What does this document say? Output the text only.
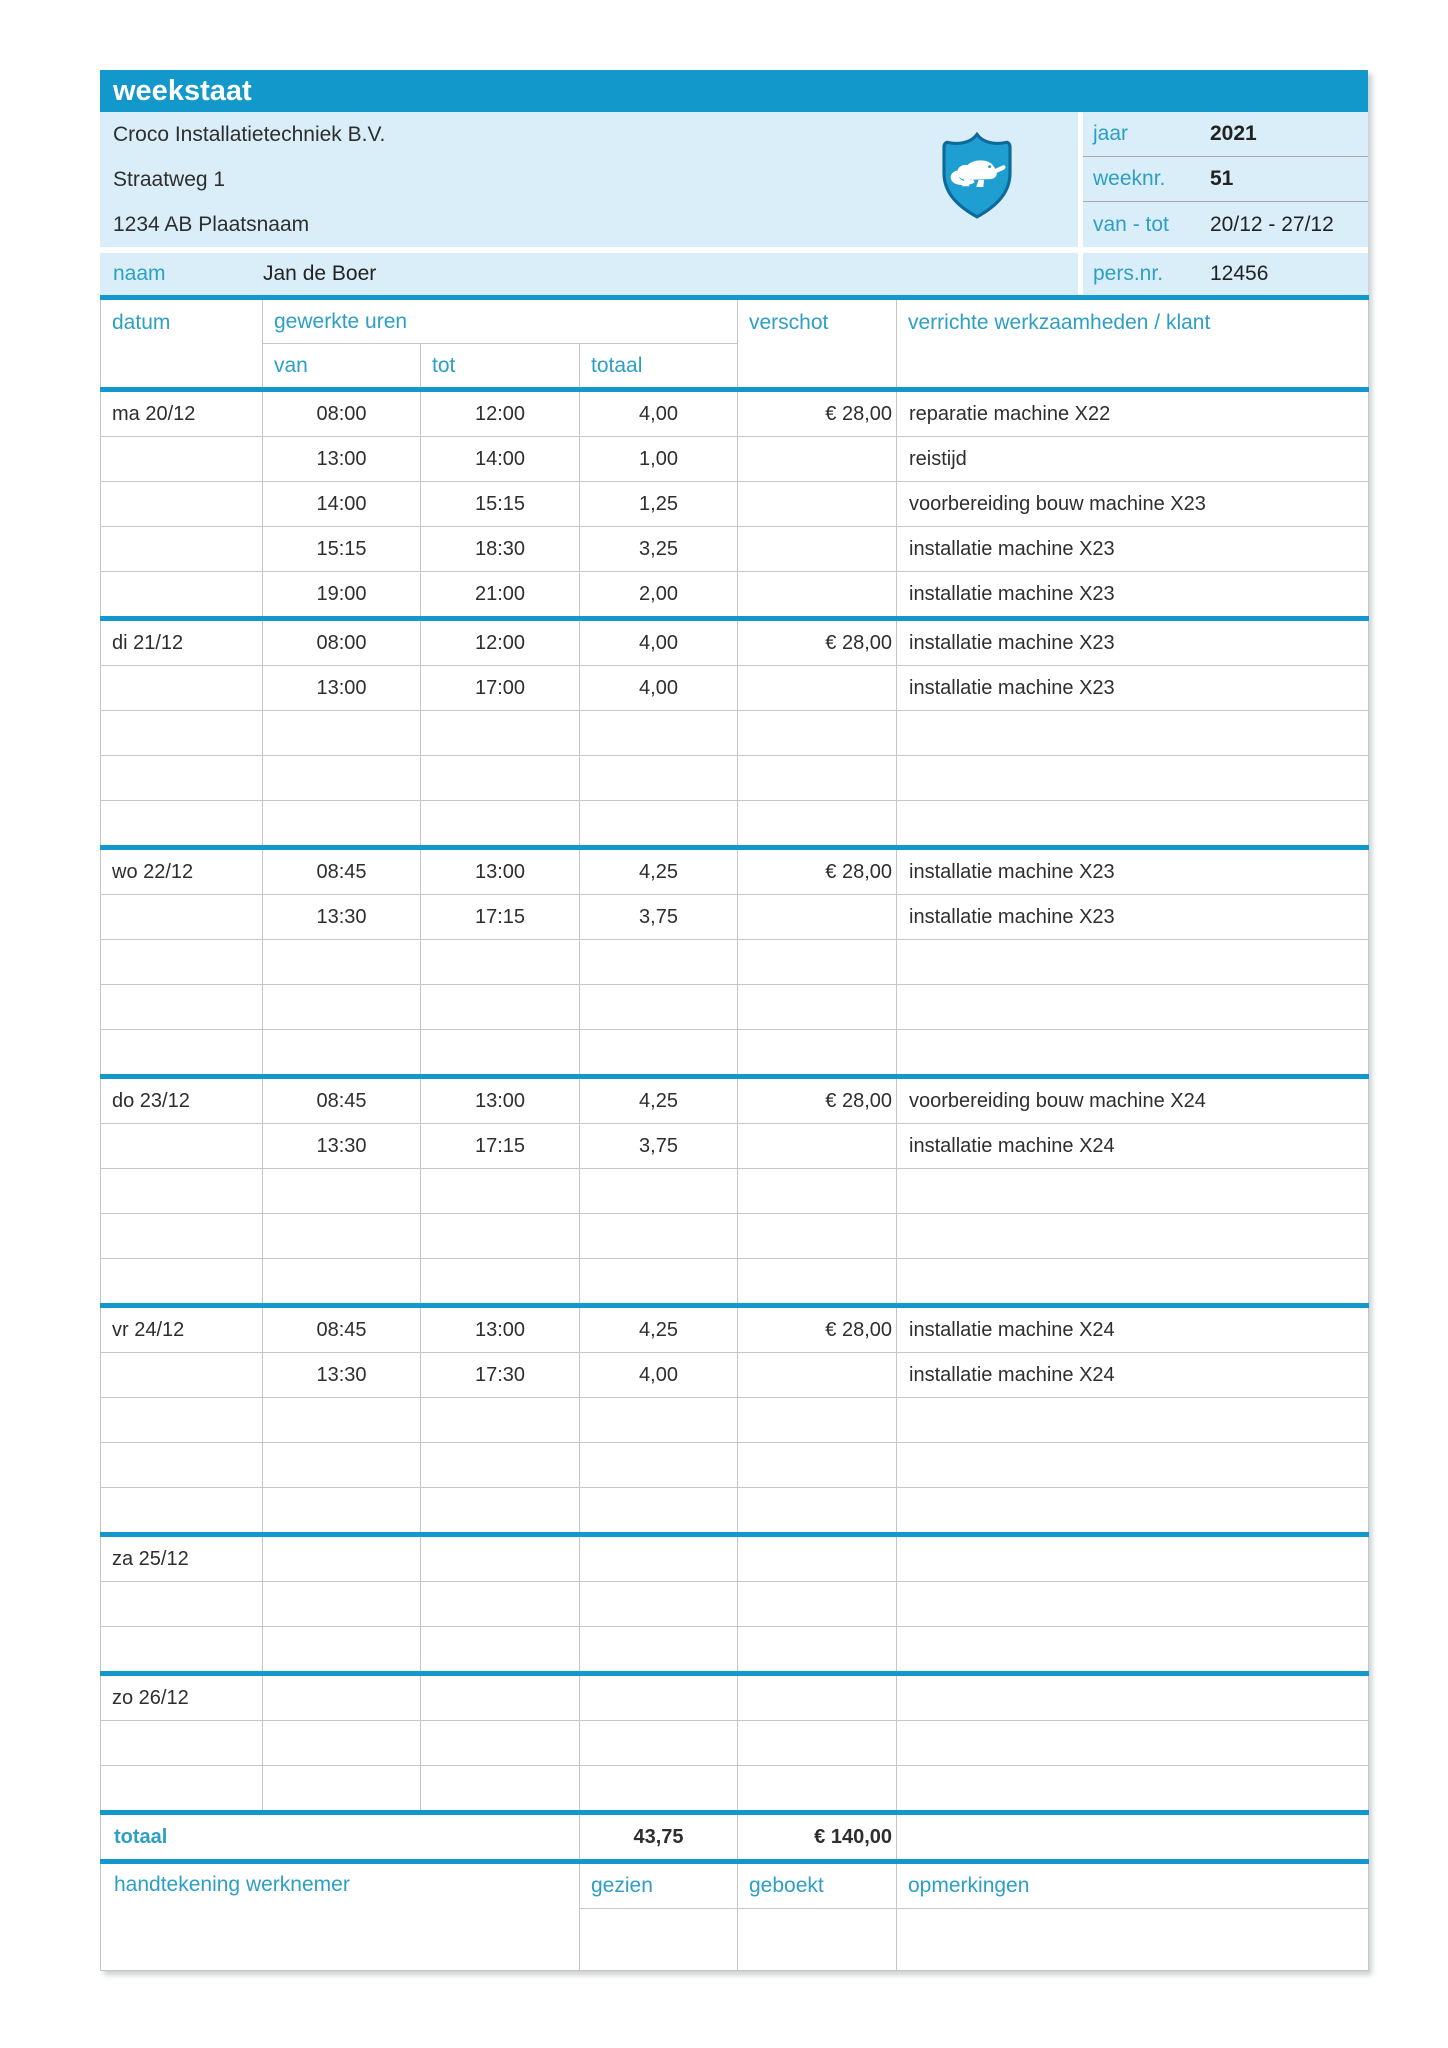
weekstaat
Croco Installatietechniek B.V.
Straatweg 1
1234 AB Plaatsnaam
jaar	2021
weeknr.	51
van - tot	20/12 - 27/12
naam	Jan de Boer	pers.nr.	12456
datum	gewerkte uren			verschot	verrichte werkzaamheden / klant
	van	tot	totaal		
ma 20/12	08:00	12:00	4,00	€ 28,00	reparatie machine X22
	13:00	14:00	1,00		reistijd
	14:00	15:15	1,25		voorbereiding bouw machine X23
	15:15	18:30	3,25		installatie machine X23
	19:00	21:00	2,00		installatie machine X23
di 21/12	08:00	12:00	4,00	€ 28,00	installatie machine X23
	13:00	17:00	4,00		installatie machine X23

wo 22/12	08:45	13:00	4,25	€ 28,00	installatie machine X23
	13:30	17:15	3,75		installatie machine X23

do 23/12	08:45	13:00	4,25	€ 28,00	voorbereiding bouw machine X24
	13:30	17:15	3,75		installatie machine X24

vr 24/12	08:45	13:00	4,25	€ 28,00	installatie machine X24
	13:30	17:30	4,00		installatie machine X24

za 25/12					

zo 26/12					

totaal			43,75	€ 140,00	
handtekening werknemer			gezien	geboekt	opmerkingen
